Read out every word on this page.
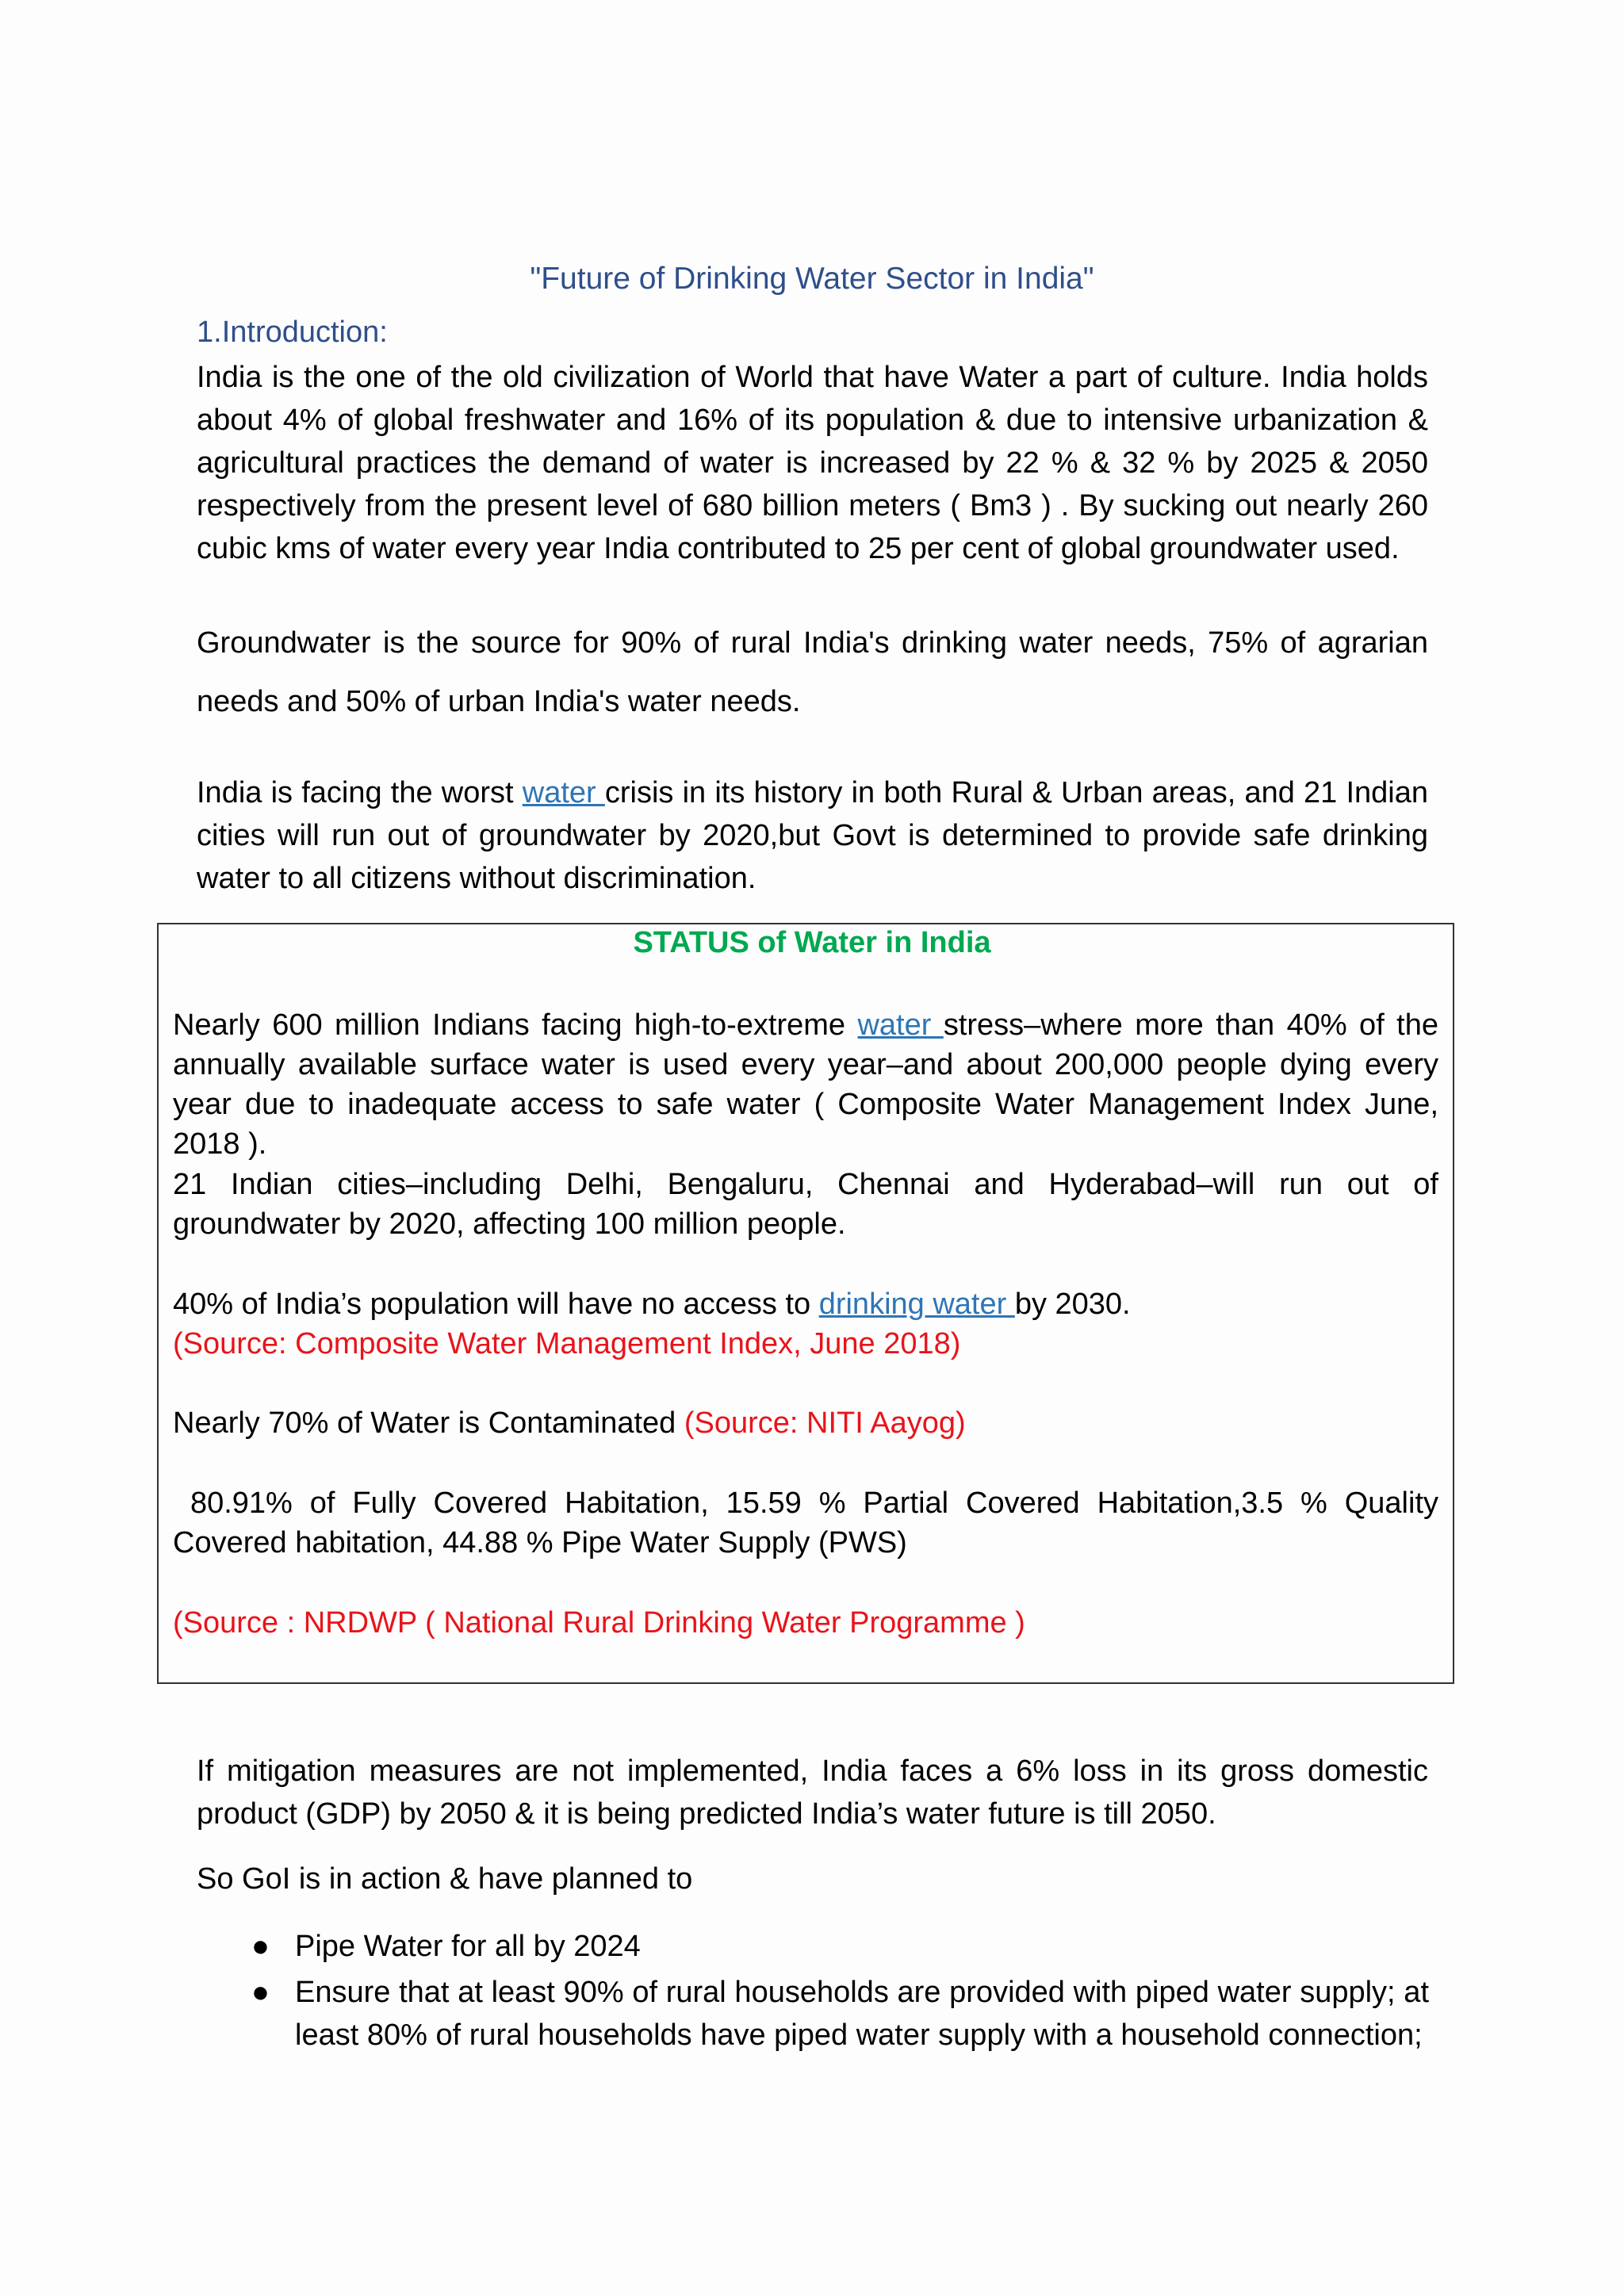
"Future of Drinking Water Sector in India"
1.Introduction:

India is the one of the old civilization of World that have Water a part of culture. India holds about 4% of global freshwater and 16% of its population & due to intensive urbanization & agricultural practices the demand of water is increased by 22 % & 32 % by 2025 & 2050 respectively from the present level of 680 billion meters ( Bm3 ) . By sucking out nearly 260 cubic kms of water every year India contributed to 25 per cent of global groundwater used.

Groundwater is the source for 90% of rural India's drinking water needs, 75% of agrarian needs and 50% of urban India's water needs.

India is facing the worst water crisis in its history in both Rural & Urban areas, and 21 Indian cities will run out of groundwater by 2020,but Govt is determined to provide safe drinking water to all citizens without discrimination.

STATUS of Water in India

Nearly 600 million Indians facing high-to-extreme water stress–where more than 40% of the annually available surface water is used every year–and about 200,000 people dying every year due to inadequate access to safe water ( Composite Water Management Index June, 2018 ).

21 Indian cities–including Delhi, Bengaluru, Chennai and Hyderabad–will run out of groundwater by 2020, affecting 100 million people.

40% of India’s population will have no access to drinking water by 2030.
(Source: Composite Water Management Index, June 2018)

Nearly 70% of Water is Contaminated (Source: NITI Aayog)

80.91% of Fully Covered Habitation, 15.59 % Partial Covered Habitation,3.5 % Quality Covered habitation, 44.88 % Pipe Water Supply (PWS)

(Source : NRDWP ( National Rural Drinking Water Programme )

If mitigation measures are not implemented, India faces a 6% loss in its gross domestic product (GDP) by 2050 & it is being predicted India’s water future is till 2050.

So GoI is in action & have planned to

● Pipe Water for all by 2024
● Ensure that at least 90% of rural households are provided with piped water supply; at least 80% of rural households have piped water supply with a household connection;
